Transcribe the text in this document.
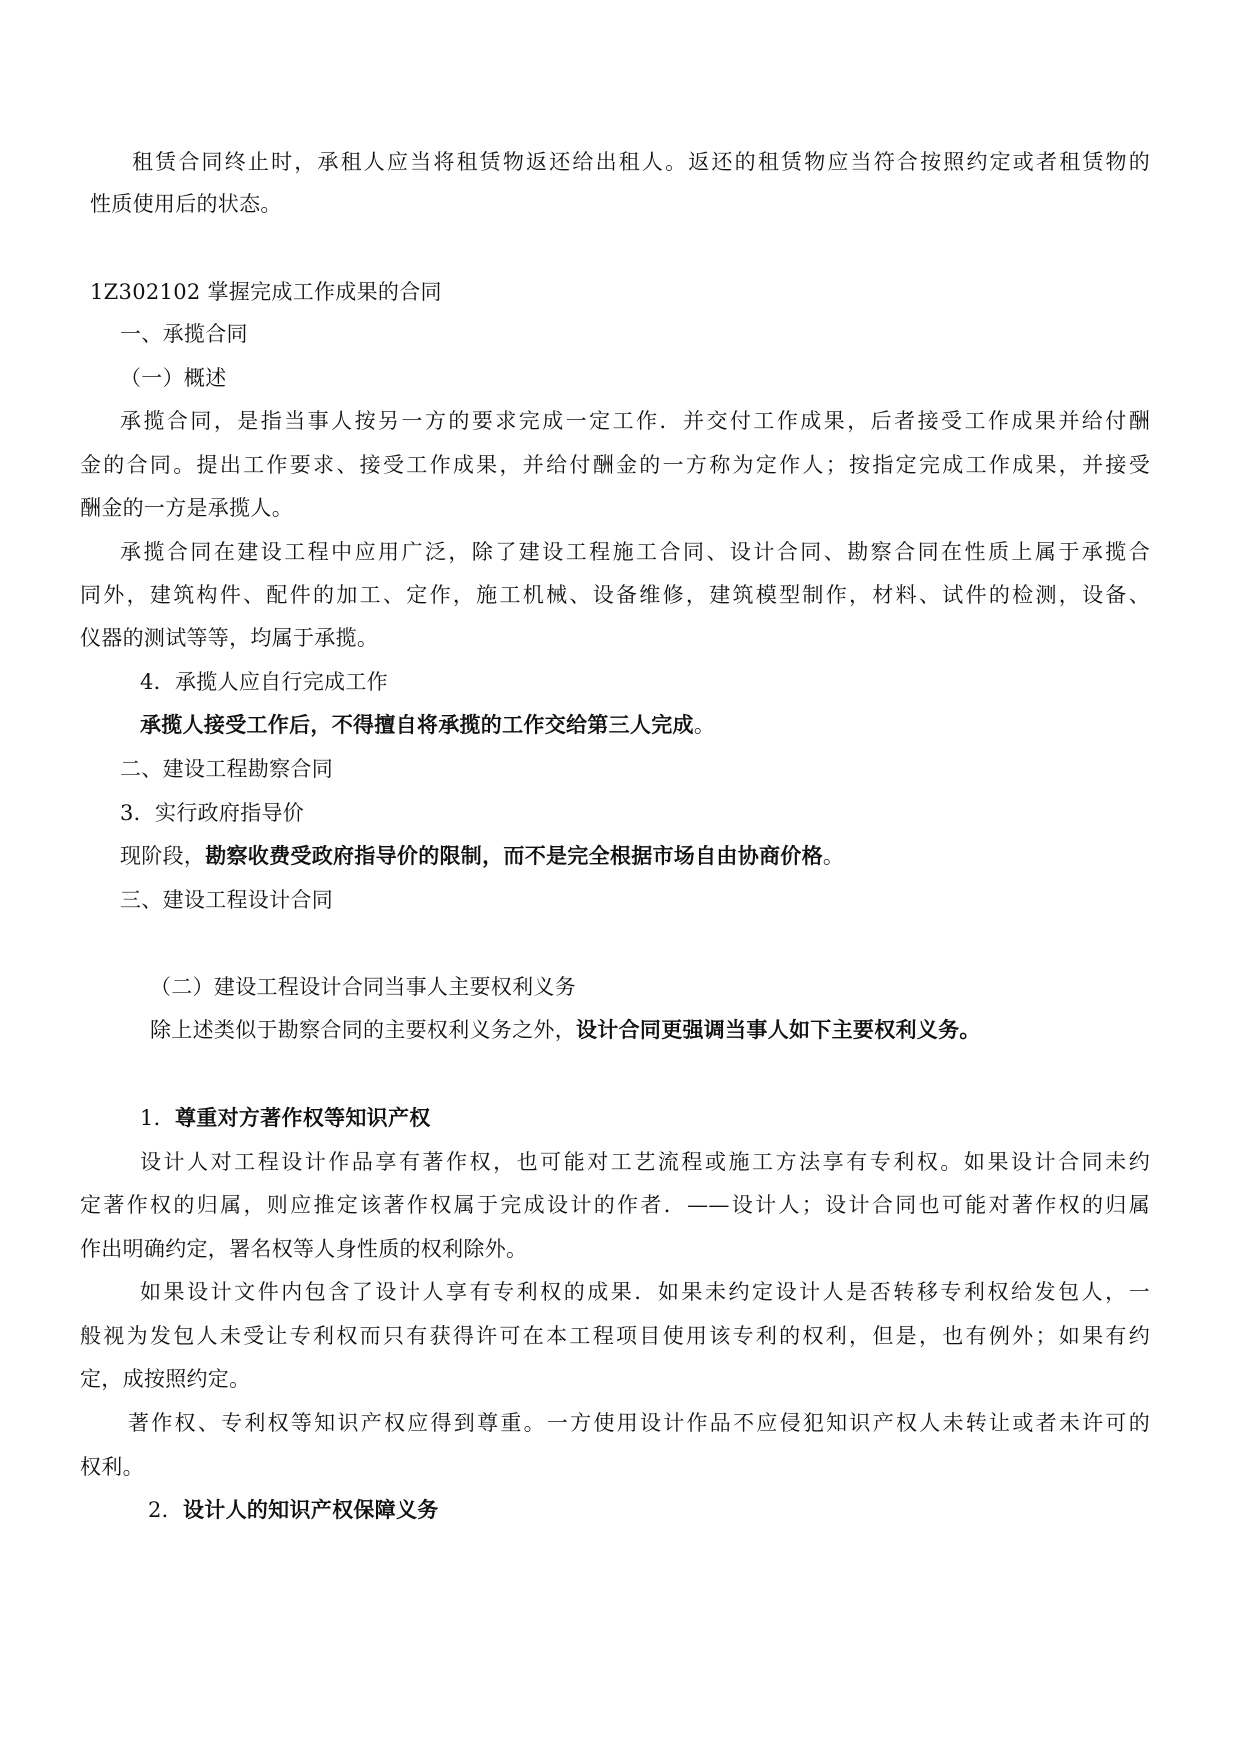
租赁合同终止时，承租人应当将租赁物返还给出租人。返还的租赁物应当符合按照约定或者租赁物的
性质使用后的状态。
1Z302102 掌握完成工作成果的合同
一、承揽合同
（一）概述
承揽合同，是指当事人按另一方的要求完成一定工作．并交付工作成果，后者接受工作成果并给付酬
金的合同。提出工作要求、接受工作成果，并给付酬金的一方称为定作人；按指定完成工作成果，并接受
酬金的一方是承揽人。
承揽合同在建设工程中应用广泛，除了建设工程施工合同、设计合同、勘察合同在性质上属于承揽合
同外，建筑构件、配件的加工、定作，施工机械、设备维修，建筑模型制作，材料、试件的检测，设备、
仪器的测试等等，均属于承揽。
4．承揽人应自行完成工作
承揽人接受工作后，不得擅自将承揽的工作交给第三人完成。
二、建设工程勘察合同
3．实行政府指导价
现阶段，勘察收费受政府指导价的限制，而不是完全根据市场自由协商价格。
三、建设工程设计合同
（二）建设工程设计合同当事人主要权利义务
除上述类似于勘察合同的主要权利义务之外，设计合同更强调当事人如下主要权利义务。
1．尊重对方著作权等知识产权
设计人对工程设计作品享有著作权，也可能对工艺流程或施工方法享有专利权。如果设计合同未约
定著作权的归属，则应推定该著作权属于完成设计的作者．——设计人；设计合同也可能对著作权的归属
作出明确约定，署名权等人身性质的权利除外。
如果设计文件内包含了设计人享有专利权的成果．如果未约定设计人是否转移专利权给发包人，一
般视为发包人未受让专利权而只有获得许可在本工程项目使用该专利的权利，但是，也有例外；如果有约
定，成按照约定。
著作权、专利权等知识产权应得到尊重。一方使用设计作品不应侵犯知识产权人未转让或者未许可的
权利。
2．设计人的知识产权保障义务
